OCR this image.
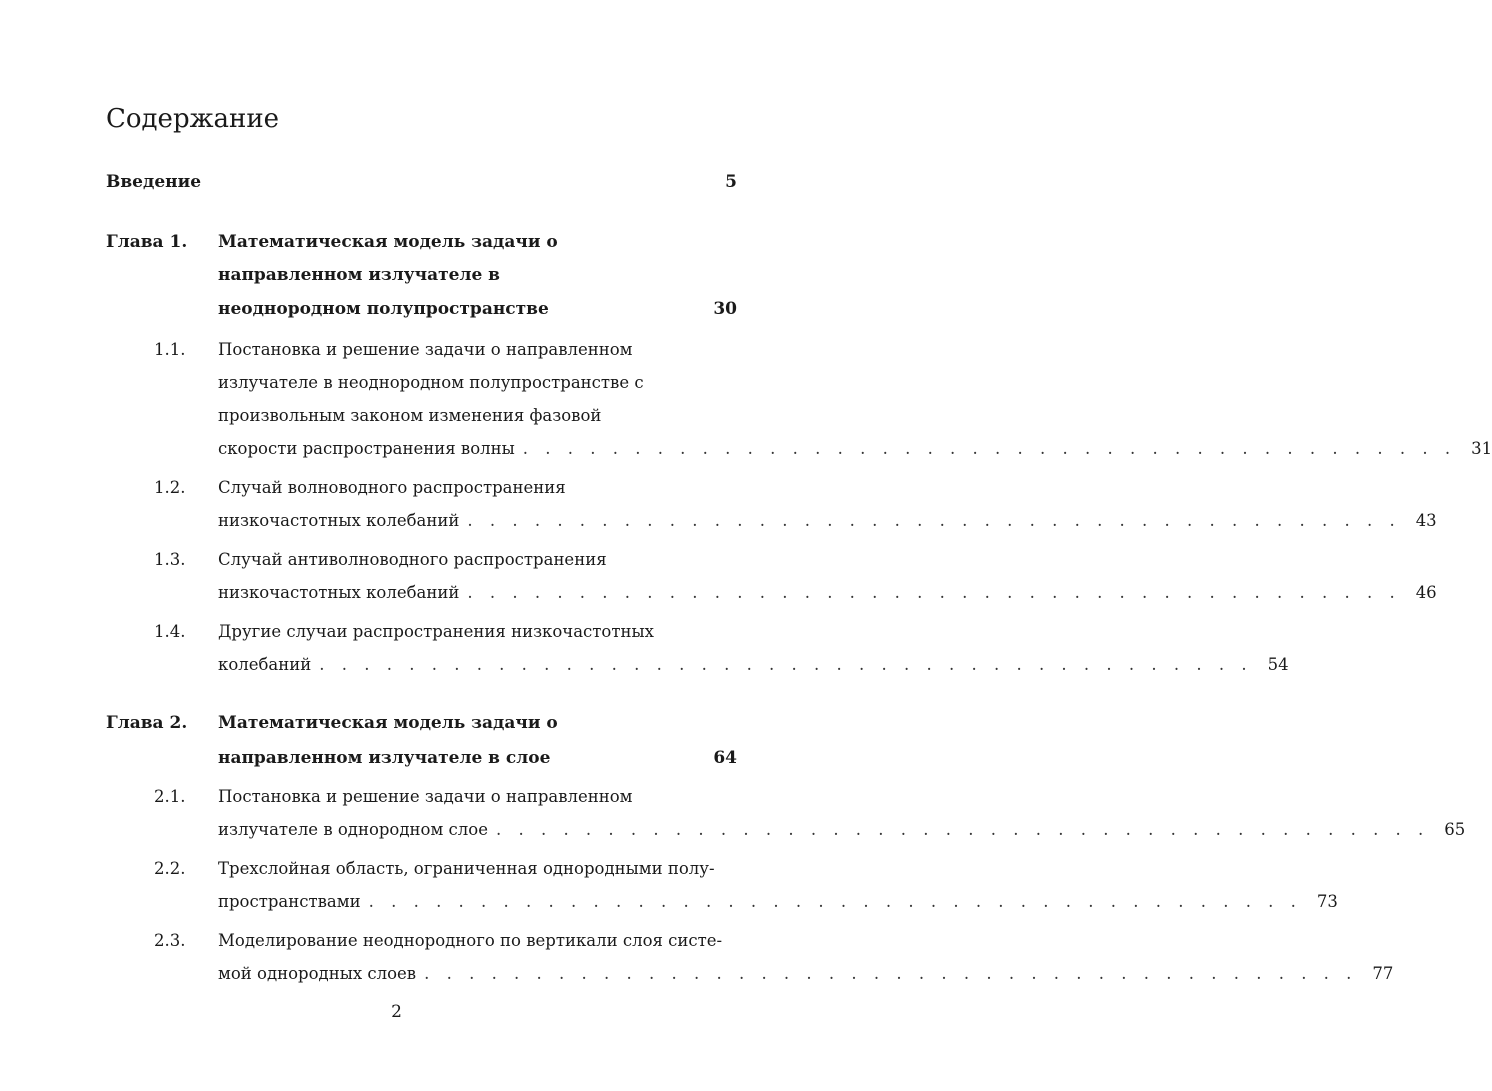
Содержание
Введение	5
Глава 1. Математическая модель задачи о
направленном излучателе в
неоднородном полупространстве	30
1.1. Постановка и решение задачи о направленном
излучателе в неоднородном полупространстве с
произвольным законом изменения фазовой
скорости распространения волны . . . . . . . . . . . . . . . . . . . . . . . . . . . . . . . . . . . . . . . . . . 31
1.2. Случай волноводного распространения
низкочастотных колебаний . . . . . . . . . . . . . . . . . . . . . . . . . . . . . . . . . . . . . . . . . . 43
1.3. Случай антиволноводного распространения
низкочастотных колебаний . . . . . . . . . . . . . . . . . . . . . . . . . . . . . . . . . . . . . . . . . . 46
1.4. Другие случаи распространения низкочастотных
колебаний . . . . . . . . . . . . . . . . . . . . . . . . . . . . . . . . . . . . . . . . . . 54
Глава 2. Математическая модель задачи о
направленном излучателе в слое	64
2.1. Постановка и решение задачи о направленном
излучателе в однородном слое . . . . . . . . . . . . . . . . . . . . . . . . . . . . . . . . . . . . . . . . . . 65
2.2. Трехслойная область, ограниченная однородными полу-
пространствами . . . . . . . . . . . . . . . . . . . . . . . . . . . . . . . . . . . . . . . . . . 73
2.3. Моделирование неоднородного по вертикали слоя систе-
мой однородных слоев . . . . . . . . . . . . . . . . . . . . . . . . . . . . . . . . . . . . . . . . . . 77
2
